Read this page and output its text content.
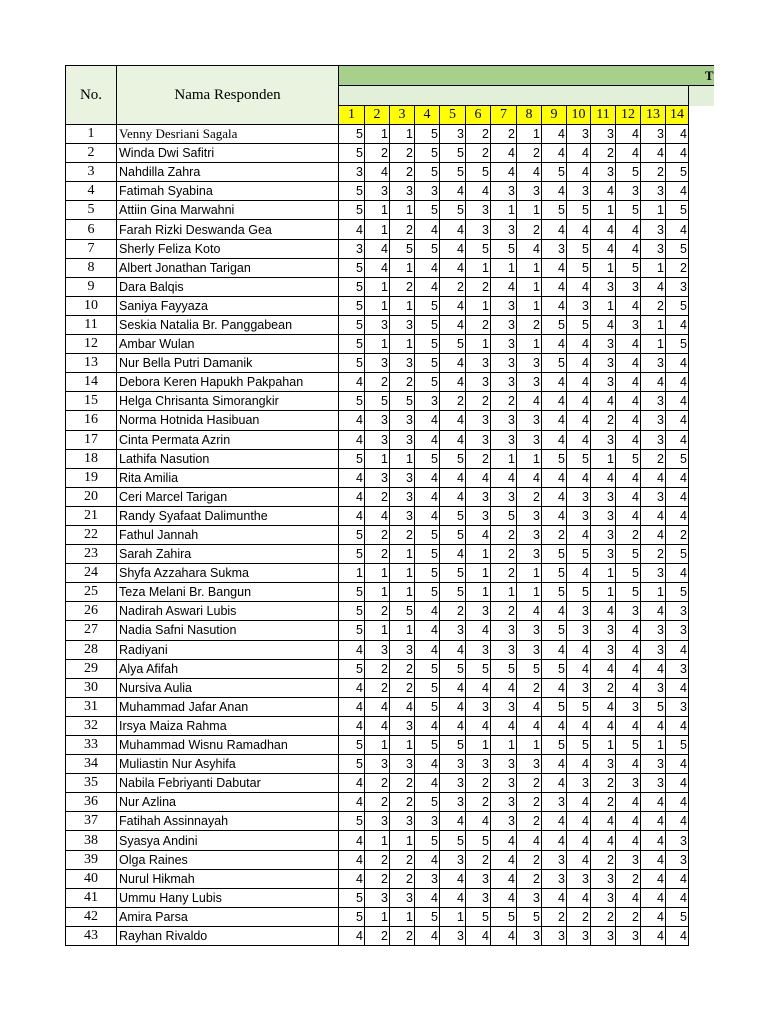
No.	Nama Responden	T														

		1	2	3	4	5	6	7	8	9	10	11	12	13	14	
1	Venny Desriani Sagala	5	1	1	5	3	2	2	1	4	3	3	4	3	4	
2	Winda Dwi Safitri	5	2	2	5	5	2	4	2	4	4	2	4	4	4	
3	Nahdilla Zahra	3	4	2	5	5	5	4	4	5	4	3	5	2	5	
4	Fatimah Syabina	5	3	3	3	4	4	3	3	4	3	4	3	3	4	
5	Attiin Gina Marwahni	5	1	1	5	5	3	1	1	5	5	1	5	1	5	
6	Farah Rizki Deswanda Gea	4	1	2	4	4	3	3	2	4	4	4	4	3	4	
7	Sherly Feliza Koto	3	4	5	5	4	5	5	4	3	5	4	4	3	5	
8	Albert Jonathan Tarigan	5	4	1	4	4	1	1	1	4	5	1	5	1	2	
9	Dara Balqis	5	1	2	4	2	2	4	1	4	4	3	3	4	3	
10	Saniya Fayyaza	5	1	1	5	4	1	3	1	4	3	1	4	2	5	
11	Seskia Natalia Br. Panggabean	5	3	3	5	4	2	3	2	5	5	4	3	1	4	
12	Ambar Wulan	5	1	1	5	5	1	3	1	4	4	3	4	1	5	
13	Nur Bella Putri Damanik	5	3	3	5	4	3	3	3	5	4	3	4	3	4	
14	Debora Keren Hapukh Pakpahan	4	2	2	5	4	3	3	3	4	4	3	4	4	4	
15	Helga Chrisanta Simorangkir	5	5	5	3	2	2	2	4	4	4	4	4	3	4	
16	Norma Hotnida Hasibuan	4	3	3	4	4	3	3	3	4	4	2	4	3	4	
17	Cinta Permata Azrin	4	3	3	4	4	3	3	3	4	4	3	4	3	4	
18	Lathifa Nasution	5	1	1	5	5	2	1	1	5	5	1	5	2	5	
19	Rita Amilia	4	3	3	4	4	4	4	4	4	4	4	4	4	4	
20	Ceri Marcel Tarigan	4	2	3	4	4	3	3	2	4	3	3	4	3	4	
21	Randy Syafaat Dalimunthe	4	4	3	4	5	3	5	3	4	3	3	4	4	4	
22	Fathul Jannah	5	2	2	5	5	4	2	3	2	4	3	2	4	2	
23	Sarah Zahira	5	2	1	5	4	1	2	3	5	5	3	5	2	5	
24	Shyfa Azzahara Sukma	1	1	1	5	5	1	2	1	5	4	1	5	3	4	
25	Teza Melani Br. Bangun	5	1	1	5	5	1	1	1	5	5	1	5	1	5	
26	Nadirah Aswari Lubis	5	2	5	4	2	3	2	4	4	3	4	3	4	3	
27	Nadia Safni Nasution	5	1	1	4	3	4	3	3	5	3	3	4	3	3	
28	Radiyani	4	3	3	4	4	3	3	3	4	4	3	4	3	4	
29	Alya Afifah	5	2	2	5	5	5	5	5	5	4	4	4	4	3	
30	Nursiva Aulia	4	2	2	5	4	4	4	2	4	3	2	4	3	4	
31	Muhammad Jafar Anan	4	4	4	5	4	3	3	4	5	5	4	3	5	3	
32	Irsya Maiza Rahma	4	4	3	4	4	4	4	4	4	4	4	4	4	4	
33	Muhammad Wisnu Ramadhan	5	1	1	5	5	1	1	1	5	5	1	5	1	5	
34	Muliastin Nur Asyhifa	5	3	3	4	3	3	3	3	4	4	3	4	3	4	
35	Nabila Febriyanti Dabutar	4	2	2	4	3	2	3	2	4	3	2	3	3	4	
36	Nur Azlina	4	2	2	5	3	2	3	2	3	4	2	4	4	4	
37	Fatihah Assinnayah	5	3	3	3	4	4	3	2	4	4	4	4	4	4	
38	Syasya Andini	4	1	1	5	5	5	4	4	4	4	4	4	4	3	
39	Olga Raines	4	2	2	4	3	2	4	2	3	4	2	3	4	3	
40	Nurul Hikmah	4	2	2	3	4	3	4	2	3	3	3	2	4	4	
41	Ummu Hany Lubis	5	3	3	4	4	3	4	3	4	4	3	4	4	4	
42	Amira Parsa	5	1	1	5	1	5	5	5	2	2	2	2	4	5	
43	Rayhan Rivaldo	4	2	2	4	3	4	4	3	3	3	3	3	4	4	
